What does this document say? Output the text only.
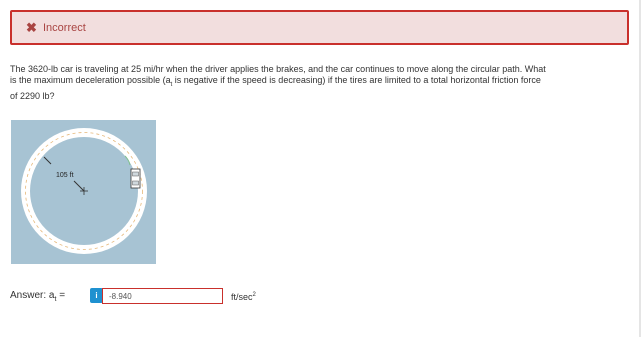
✖ Incorrect
The 3620-lb car is traveling at 25 mi/hr when the driver applies the brakes, and the car continues to move along the circular path. What
is the maximum deceleration possible ($a_t$ is negative if the speed is decreasing) if the tires are limited to a total horizontal friction force
of 2290 lb?
105 ft
Answer: $a_t$ =	i
-8.940	$ft/\sec^2$
